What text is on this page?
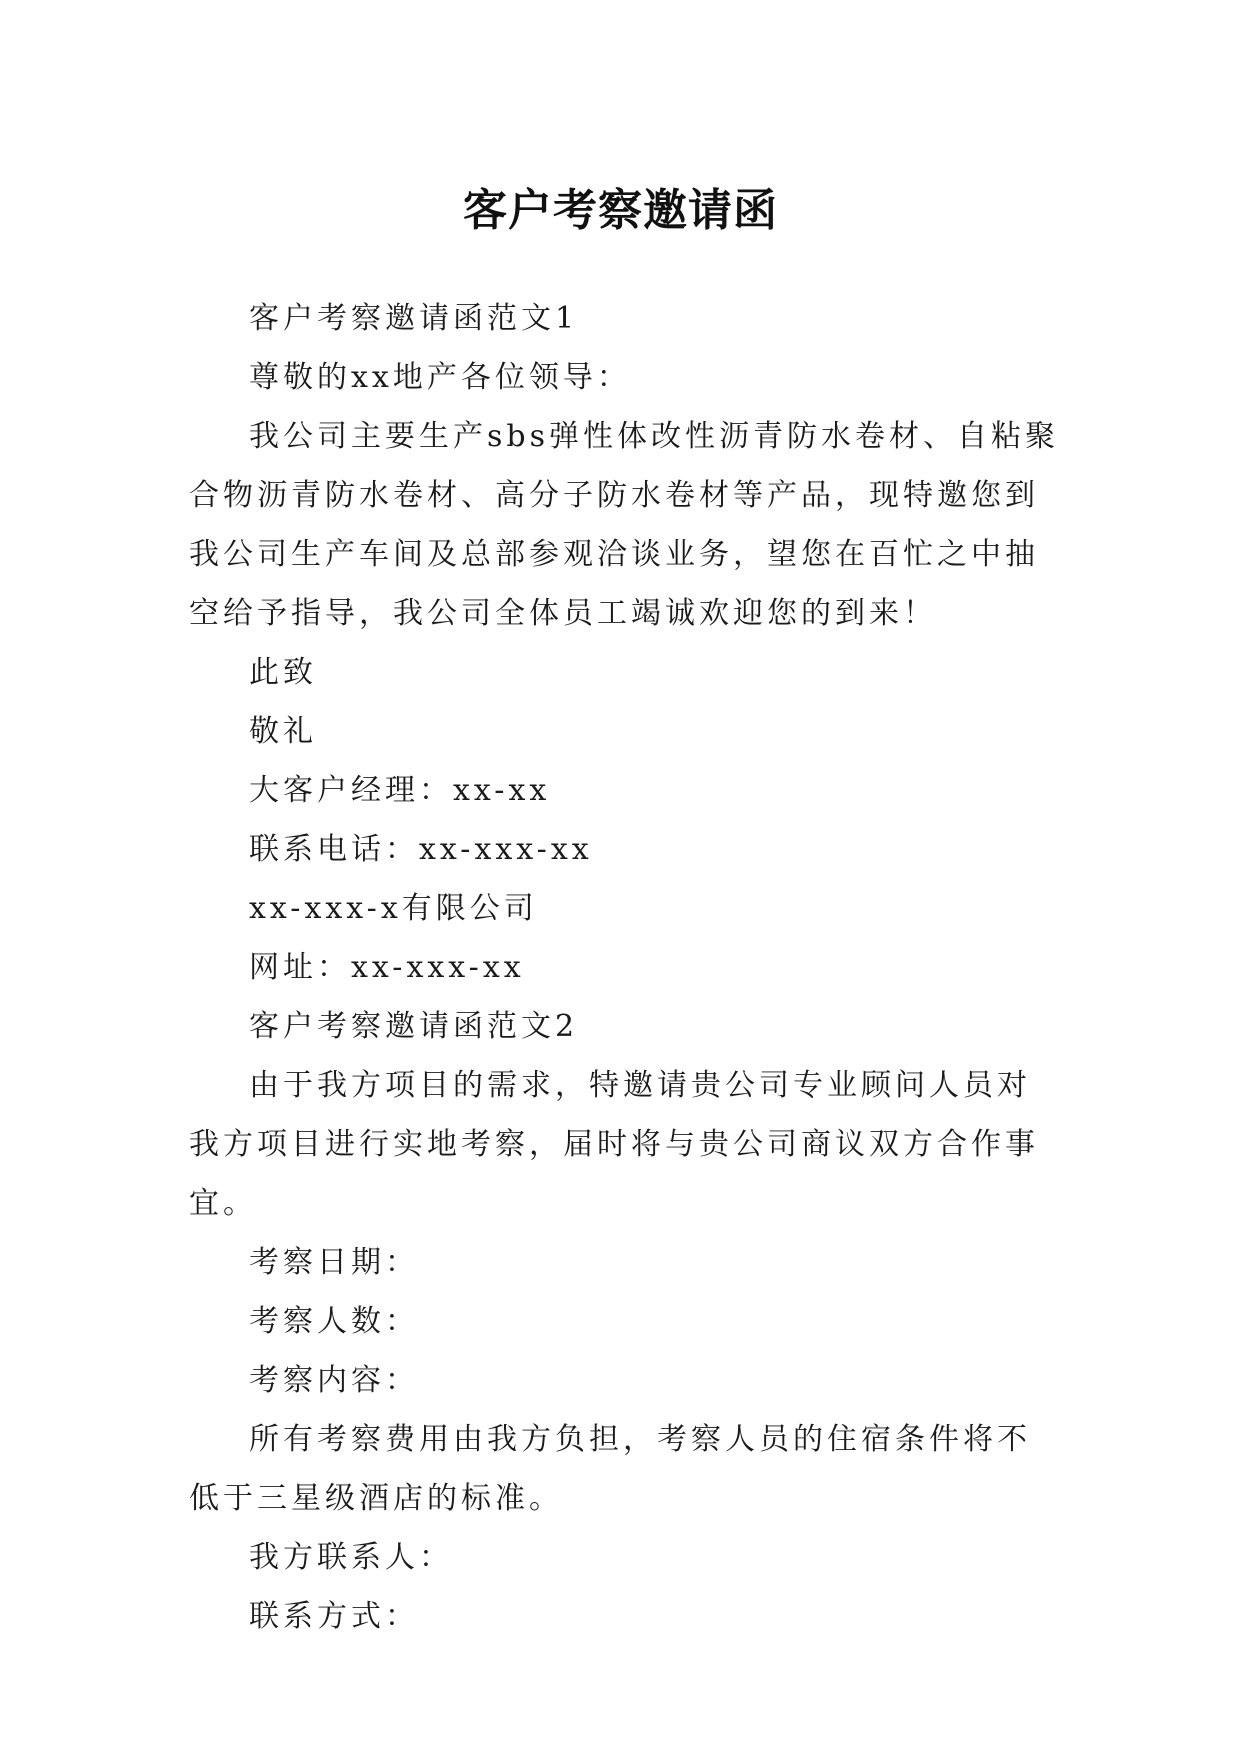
客户考察邀请函

客户考察邀请函范文1

尊敬的xx地产各位领导：

我公司主要生产sbs弹性体改性沥青防水卷材、自粘聚合物沥青防水卷材、高分子防水卷材等产品，现特邀您到我公司生产车间及总部参观洽谈业务，望您在百忙之中抽空给予指导，我公司全体员工竭诚欢迎您的到来！

此致

敬礼

大客户经理：xx-xx

联系电话：xx-xxx-xx

xx-xxx-x有限公司

网址：xx-xxx-xx

客户考察邀请函范文2

由于我方项目的需求，特邀请贵公司专业顾问人员对我方项目进行实地考察，届时将与贵公司商议双方合作事宜。

考察日期：

考察人数：

考察内容：

所有考察费用由我方负担，考察人员的住宿条件将不低于三星级酒店的标准。

我方联系人：

联系方式：
